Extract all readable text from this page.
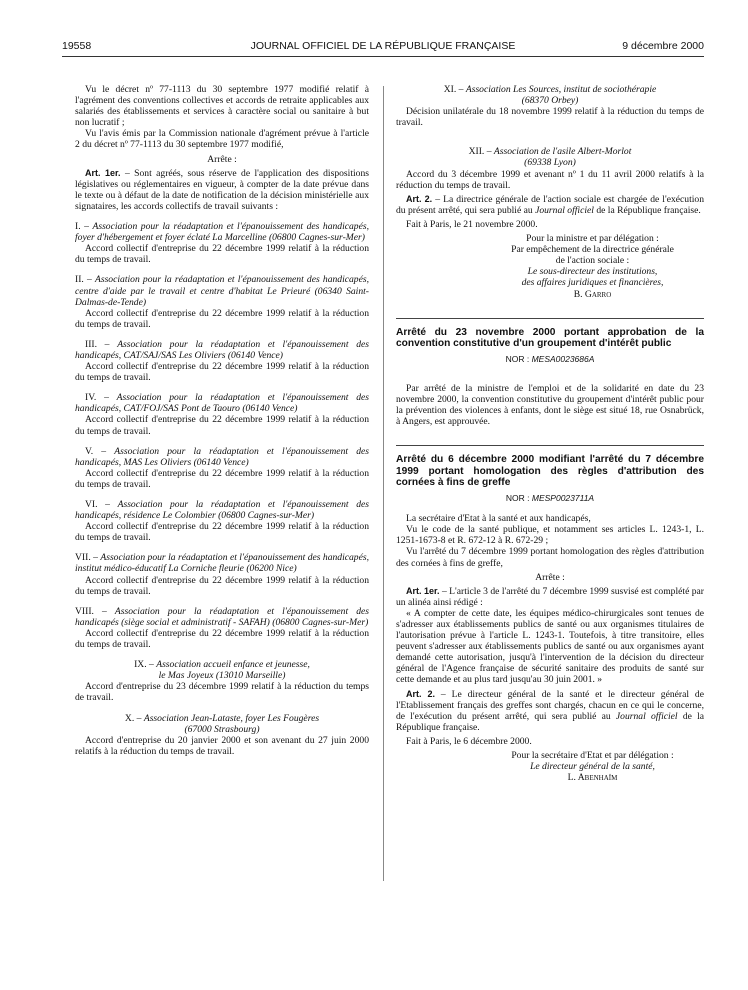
19558	JOURNAL OFFICIEL DE LA RÉPUBLIQUE FRANÇAISE	9 décembre 2000

Vu le décret nº 77-1113 du 30 septembre 1977 modifié relatif à l'agrément des conventions collectives et accords de retraite applicables aux salariés des établissements et services à caractère social ou sanitaire à but non lucratif ;

Vu l'avis émis par la Commission nationale d'agrément prévue à l'article 2 du décret nº 77-1113 du 30 septembre 1977 modifié,

Arrête :

Art. 1er. – Sont agréés, sous réserve de l'application des dispositions législatives ou réglementaires en vigueur, à compter de la date prévue dans le texte ou à défaut de la date de notification de la décision ministérielle aux signataires, les accords collectifs de travail suivants :

I. – Association pour la réadaptation et l'épanouissement des handicapés, foyer d'hébergement et foyer éclaté La Marcelline (06800 Cagnes-sur-Mer)

Accord collectif d'entreprise du 22 décembre 1999 relatif à la réduction du temps de travail.

II. – Association pour la réadaptation et l'épanouissement des handicapés, centre d'aide par le travail et centre d'habitat Le Prieuré (06340 Saint-Dalmas-de-Tende)

Accord collectif d'entreprise du 22 décembre 1999 relatif à la réduction du temps de travail.

III. – Association pour la réadaptation et l'épanouissement des handicapés, CAT/SAJ/SAS Les Oliviers (06140 Vence)

Accord collectif d'entreprise du 22 décembre 1999 relatif à la réduction du temps de travail.

IV. – Association pour la réadaptation et l'épanouissement des handicapés, CAT/FOJ/SAS Pont de Taouro (06140 Vence)

Accord collectif d'entreprise du 22 décembre 1999 relatif à la réduction du temps de travail.

V. – Association pour la réadaptation et l'épanouissement des handicapés, MAS Les Oliviers (06140 Vence)

Accord collectif d'entreprise du 22 décembre 1999 relatif à la réduction du temps de travail.

VI. – Association pour la réadaptation et l'épanouissement des handicapés, résidence Le Colombier (06800 Cagnes-sur-Mer)

Accord collectif d'entreprise du 22 décembre 1999 relatif à la réduction du temps de travail.

VII. – Association pour la réadaptation et l'épanouissement des handicapés, institut médico-éducatif La Corniche fleurie (06200 Nice)

Accord collectif d'entreprise du 22 décembre 1999 relatif à la réduction du temps de travail.

VIII. – Association pour la réadaptation et l'épanouissement des handicapés (siège social et administratif - SAFAH) (06800 Cagnes-sur-Mer)

Accord collectif d'entreprise du 22 décembre 1999 relatif à la réduction du temps de travail.

IX. – Association accueil enfance et jeunesse,

le Mas Joyeux (13010 Marseille)

Accord d'entreprise du 23 décembre 1999 relatif à la réduction du temps de travail.

X. – Association Jean-Lataste, foyer Les Fougères

(67000 Strasbourg)

Accord d'entreprise du 20 janvier 2000 et son avenant du 27 juin 2000 relatifs à la réduction du temps de travail.

XI. – Association Les Sources, institut de sociothérapie

(68370 Orbey)

Décision unilatérale du 18 novembre 1999 relatif à la réduction du temps de travail.

XII. – Association de l'asile Albert-Morlot

(69338 Lyon)

Accord du 3 décembre 1999 et avenant nº 1 du 11 avril 2000 relatifs à la réduction du temps de travail.

Art. 2. – La directrice générale de l'action sociale est chargée de l'exécution du présent arrêté, qui sera publié au Journal officiel de la République française.

Fait à Paris, le 21 novembre 2000.

Pour la ministre et par délégation :

Par empêchement de la directrice générale

de l'action sociale :

Le sous-directeur des institutions,

des affaires juridiques et financières,

B. Garro

Arrêté du 23 novembre 2000 portant approbation de la convention constitutive d'un groupement d'intérêt public

NOR : MESA0023686A

Par arrêté de la ministre de l'emploi et de la solidarité en date du 23 novembre 2000, la convention constitutive du groupement d'intérêt public pour la prévention des violences à enfants, dont le siège est situé 18, rue Osnabrück, à Angers, est approuvée.

Arrêté du 6 décembre 2000 modifiant l'arrêté du 7 décembre 1999 portant homologation des règles d'attribution des cornées à fins de greffe

NOR : MESP0023711A

La secrétaire d'Etat à la santé et aux handicapés,

Vu le code de la santé publique, et notamment ses articles L. 1243-1, L. 1251-1673-8 et R. 672-12 à R. 672-29 ;

Vu l'arrêté du 7 décembre 1999 portant homologation des règles d'attribution des cornées à fins de greffe,

Arrête :

Art. 1er. – L'article 3 de l'arrêté du 7 décembre 1999 susvisé est complété par un alinéa ainsi rédigé :

« A compter de cette date, les équipes médico-chirurgicales sont tenues de s'adresser aux établissements publics de santé ou aux organismes titulaires de l'autorisation prévue à l'article L. 1243-1. Toutefois, à titre transitoire, elles peuvent s'adresser aux établissements publics de santé ou aux organismes ayant demandé cette autorisation, jusqu'à l'intervention de la décision du directeur général de l'Agence française de sécurité sanitaire des produits de santé sur cette demande et au plus tard jusqu'au 30 juin 2001. »

Art. 2. – Le directeur général de la santé et le directeur général de l'Etablissement français des greffes sont chargés, chacun en ce qui le concerne, de l'exécution du présent arrêté, qui sera publié au Journal officiel de la République française.

Fait à Paris, le 6 décembre 2000.

Pour la secrétaire d'Etat et par délégation :

Le directeur général de la santé,

L. Abenhaïm
